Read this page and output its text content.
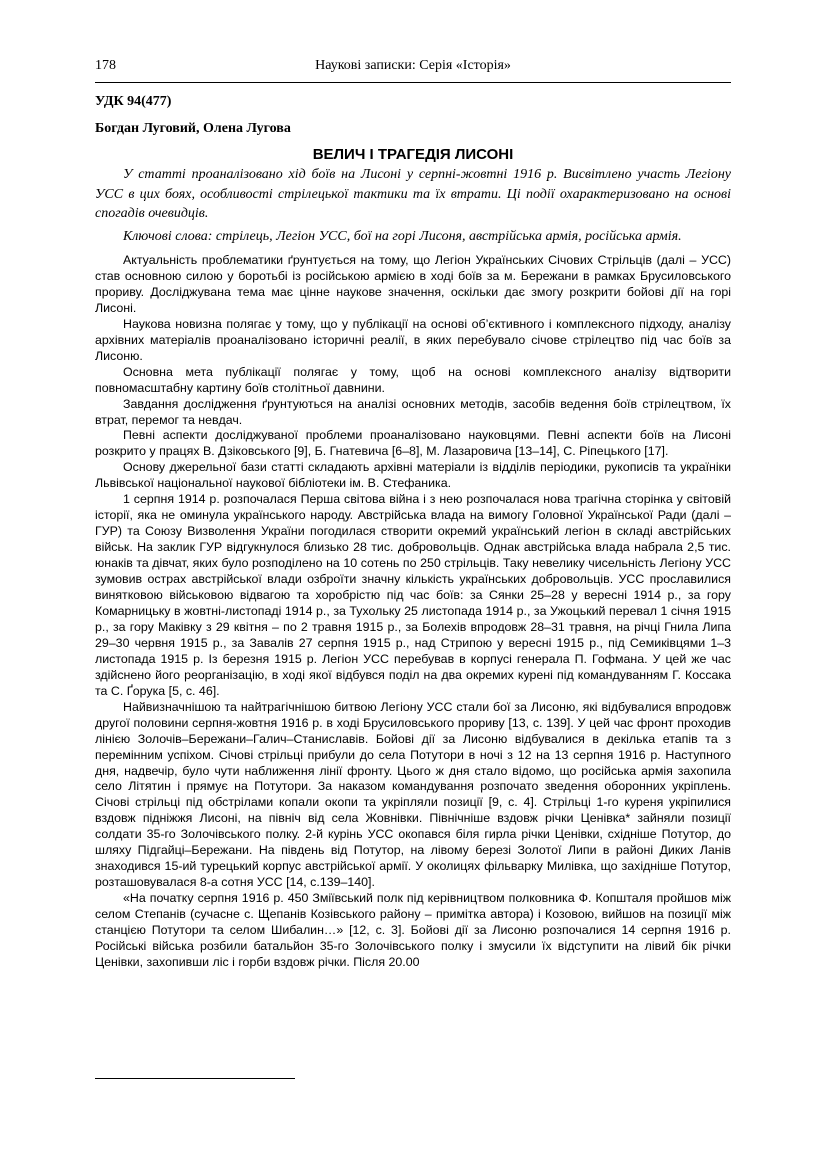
178	Наукові записки: Серія «Історія»
УДК 94(477)
Богдан Луговий, Олена Лугова
ВЕЛИЧ І ТРАГЕДІЯ ЛИСОНІ

У статті проаналізовано хід боїв на Лисоні у серпні-жовтні 1916 р. Висвітлено участь Легіону УСС в цих боях, особливості стрілецької тактики та їх втрати. Ці події охарактеризовано на основі спогадів очевидців.

Ключові слова: стрілець, Легіон УСС, бої на горі Лисоня, австрійська армія, російська армія.

Актуальність проблематики ґрунтується на тому, що Легіон Українських Січових Стрільців (далі – УСС) став основною силою у боротьбі із російською армією в ході боїв за м. Бережани в рамках Брусиловського прориву. Досліджувана тема має цінне наукове значення, оскільки дає змогу розкрити бойові дії на горі Лисоні.

Наукова новизна полягає у тому, що у публікації на основі об’єктивного і комплексного підходу, аналізу архівних матеріалів проаналізовано історичні реалії, в яких перебувало січове стрілецтво під час боїв за Лисоню.

Основна мета публікації полягає у тому, щоб на основі комплексного аналізу відтворити повномасштабну картину боїв столітньої давнини.

Завдання дослідження ґрунтуються на аналізі основних методів, засобів ведення боїв стрілецтвом, їх втрат, перемог та невдач.

Певні аспекти досліджуваної проблеми проаналізовано науковцями. Певні аспекти боїв на Лисоні розкрито у працях В. Дзіковського [9], Б. Гнатевича [6–8], М. Лазаровича [13–14], С. Ріпецького [17].

Основу джерельної бази статті складають архівні матеріали із відділів періодики, рукописів та україніки Львівської національної наукової бібліотеки ім. В. Стефаника.

1 серпня 1914 р. розпочалася Перша світова війна і з нею розпочалася нова трагічна сторінка у світовій історії, яка не оминула українського народу. Австрійська влада на вимогу Головної Української Ради (далі – ГУР) та Союзу Визволення України погодилася створити окремий український легіон в складі австрійських військ. На заклик ГУР відгукнулося близько 28 тис. добровольців. Однак австрійська влада набрала 2,5 тис. юнаків та дівчат, яких було розподілено на 10 сотень по 250 стрільців. Таку невелику чисельність Легіону УСС зумовив острах австрійської влади озброїти значну кількість українських добровольців. УСС прославилися винятковою військовою відвагою та хоробрістю під час боїв: за Сянки 25–28 у вересні 1914 р., за гору Комарницьку в жовтні-листопаді 1914 р., за Тухольку 25 листопада 1914 р., за Ужоцький перевал 1 січня 1915 р., за гору Маківку з 29 квітня – по 2 травня 1915 р., за Болехів впродовж 28–31 травня, на річці Гнила Липа 29–30 червня 1915 р., за Завалів 27 серпня 1915 р., над Стрипою у вересні 1915 р., під Семиківцями 1–3 листопада 1915 р. Із березня 1915 р. Легіон УСС перебував в корпусі генерала П. Гофмана. У цей же час здійснено його реорганізацію, в ході якої відбувся поділ на два окремих курені під командуванням Г. Коссака та С. Ґорука [5, с. 46].

Найвизначнішою та найтрагічнішою битвою Легіону УСС стали бої за Лисоню, які відбувалися впродовж другої половини серпня-жовтня 1916 р. в ході Брусиловського прориву [13, с. 139]. У цей час фронт проходив лінією Золочів–Бережани–Галич–Станиславів. Бойові дії за Лисоню відбувалися в декілька етапів та з перемінним успіхом. Січові стрільці прибули до села Потутори в ночі з 12 на 13 серпня 1916 р. Наступного дня, надвечір, було чути наближення лінії фронту. Цього ж дня стало відомо, що російська армія захопила село Літятин і прямує на Потутори. За наказом командування розпочато зведення оборонних укріплень. Січові стрільці під обстрілами копали окопи та укріпляли позиції [9, с. 4]. Стрільці 1-го куреня укріпилися вздовж підніжжя Лисоні, на північ від села Жовнівки. Північніше вздовж річки Ценівка* зайняли позиції солдати 35-го Золочівського полку. 2-й курінь УСС окопався біля гирла річки Ценівки, східніше Потутор, до шляху Підгайці–Бережани. На південь від Потутор, на лівому березі Золотої Липи в районі Диких Ланів знаходився 15-ий турецький корпус австрійської армії. У околицях фільварку Милівка, що західніше Потутор, розташовувалася 8-а сотня УСС [14, с.139–140].

«На початку серпня 1916 р. 450 Зміївський полк під керівництвом полковника Ф. Копшталя пройшов між селом Степанів (сучасне с. Щепанів Козівського району – примітка автора) і Козовою, вийшов на позиції між станцією Потутори та селом Шибалин…» [12, с. 3]. Бойові дії за Лисоню розпочалися 14 серпня 1916 р. Російські війська розбили батальйон 35-го Золочівського полку і змусили їх відступити на лівий бік річки Ценівки, захопивши ліс і горби вздовж річки. Після 20.00
